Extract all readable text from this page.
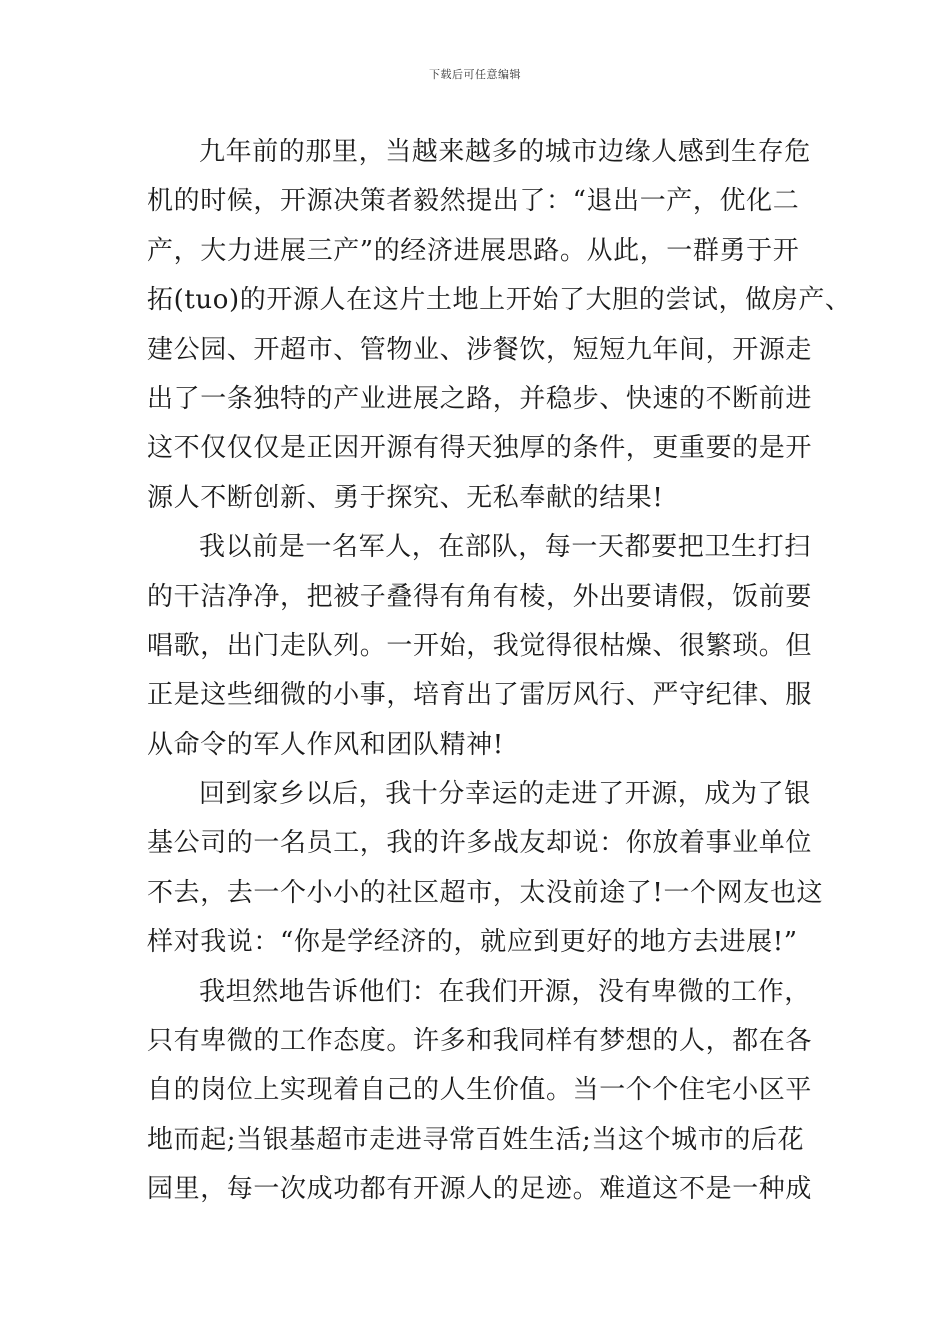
下载后可任意编辑
九年前的那里，当越来越多的城市边缘人感到生存危
机的时候，开源决策者毅然提出了：“退出一产，优化二
产，大力进展三产”的经济进展思路。从此，一群勇于开
拓(tuo)的开源人在这片土地上开始了大胆的尝试，做房产、
建公园、开超市、管物业、涉餐饮，短短九年间，开源走
出了一条独特的产业进展之路，并稳步、快速的不断前进
这不仅仅仅是正因开源有得天独厚的条件，更重要的是开
源人不断创新、勇于探究、无私奉献的结果!
我以前是一名军人，在部队，每一天都要把卫生打扫
的干洁净净，把被子叠得有角有棱，外出要请假，饭前要
唱歌，出门走队列。一开始，我觉得很枯燥、很繁琐。但
正是这些细微的小事，培育出了雷厉风行、严守纪律、服
从命令的军人作风和团队精神!
回到家乡以后，我十分幸运的走进了开源，成为了银
基公司的一名员工，我的许多战友却说：你放着事业单位
不去，去一个小小的社区超市，太没前途了!一个网友也这
样对我说：“你是学经济的，就应到更好的地方去进展!”
我坦然地告诉他们：在我们开源，没有卑微的工作，
只有卑微的工作态度。许多和我同样有梦想的人，都在各
自的岗位上实现着自己的人生价值。当一个个住宅小区平
地而起;当银基超市走进寻常百姓生活;当这个城市的后花
园里，每一次成功都有开源人的足迹。难道这不是一种成
